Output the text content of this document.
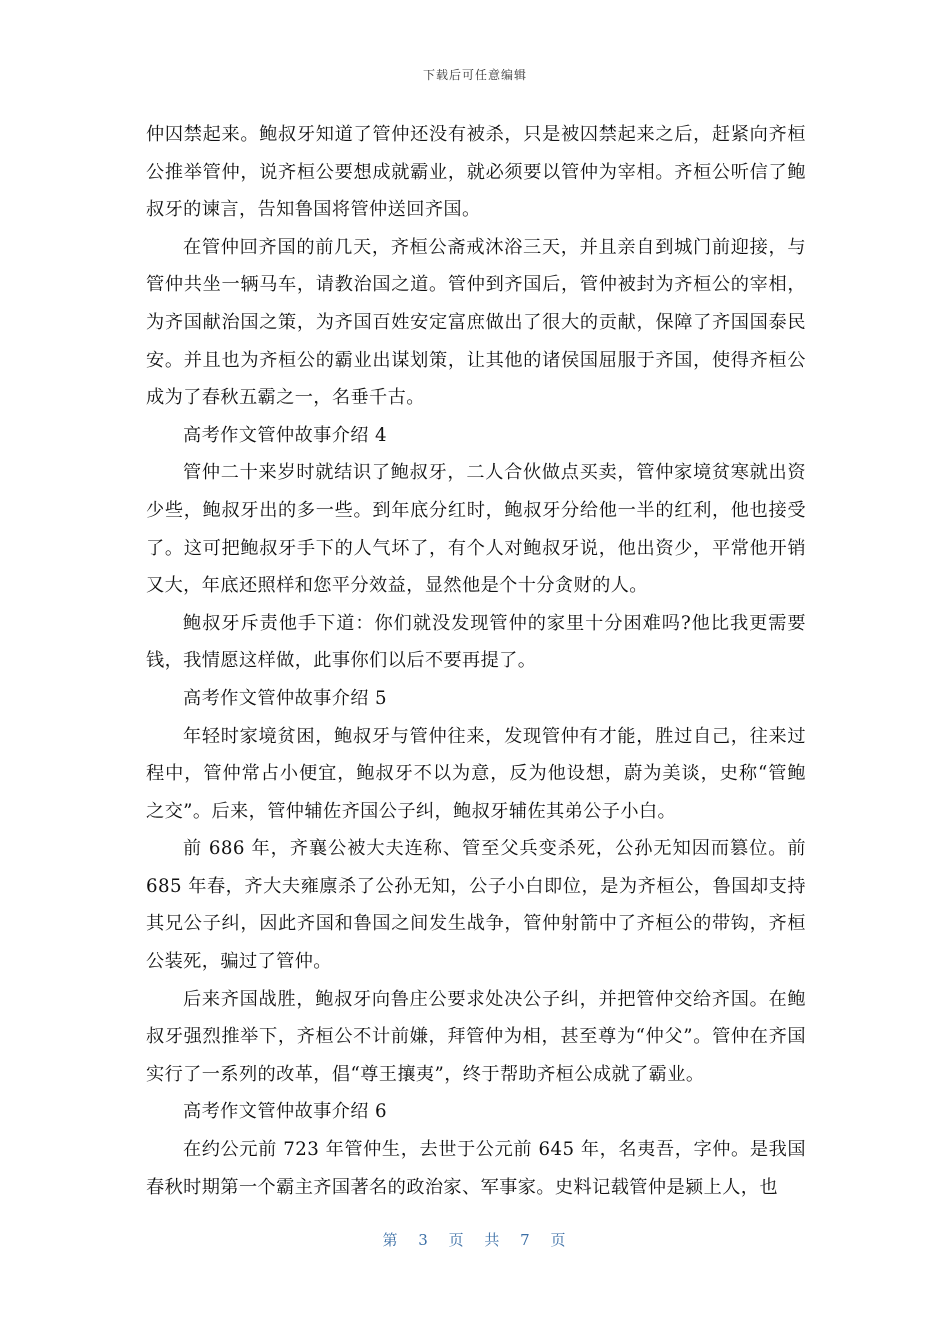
下载后可任意编辑

仲囚禁起来。鲍叔牙知道了管仲还没有被杀，只是被囚禁起来之后，赶紧向齐桓公推举管仲，说齐桓公要想成就霸业，就必须要以管仲为宰相。齐桓公听信了鲍叔牙的谏言，告知鲁国将管仲送回齐国。

在管仲回齐国的前几天，齐桓公斋戒沐浴三天，并且亲自到城门前迎接，与管仲共坐一辆马车，请教治国之道。管仲到齐国后，管仲被封为齐桓公的宰相，为齐国献治国之策，为齐国百姓安定富庶做出了很大的贡献，保障了齐国国泰民安。并且也为齐桓公的霸业出谋划策，让其他的诸侯国屈服于齐国，使得齐桓公成为了春秋五霸之一，名垂千古。

高考作文管仲故事介绍 4

管仲二十来岁时就结识了鲍叔牙，二人合伙做点买卖，管仲家境贫寒就出资少些，鲍叔牙出的多一些。到年底分红时，鲍叔牙分给他一半的红利，他也接受了。这可把鲍叔牙手下的人气坏了，有个人对鲍叔牙说，他出资少，平常他开销又大，年底还照样和您平分效益，显然他是个十分贪财的人。

鲍叔牙斥责他手下道：你们就没发现管仲的家里十分困难吗?他比我更需要钱，我情愿这样做，此事你们以后不要再提了。

高考作文管仲故事介绍 5

年轻时家境贫困，鲍叔牙与管仲往来，发现管仲有才能，胜过自己，往来过程中，管仲常占小便宜，鲍叔牙不以为意，反为他设想，蔚为美谈，史称“管鲍之交”。后来，管仲辅佐齐国公子纠，鲍叔牙辅佐其弟公子小白。

前 686 年，齐襄公被大夫连称、管至父兵变杀死，公孙无知因而篡位。前 685 年春，齐大夫雍廪杀了公孙无知，公子小白即位，是为齐桓公，鲁国却支持其兄公子纠，因此齐国和鲁国之间发生战争，管仲射箭中了齐桓公的带钩，齐桓公装死，骗过了管仲。

后来齐国战胜，鲍叔牙向鲁庄公要求处决公子纠，并把管仲交给齐国。在鲍叔牙强烈推举下，齐桓公不计前嫌，拜管仲为相，甚至尊为“仲父”。管仲在齐国实行了一系列的改革，倡“尊王攘夷”，终于帮助齐桓公成就了霸业。

高考作文管仲故事介绍 6

在约公元前 723 年管仲生，去世于公元前 645 年，名夷吾，字仲。是我国春秋时期第一个霸主齐国著名的政治家、军事家。史料记载管仲是颍上人，也

第 3 页 共 7 页
